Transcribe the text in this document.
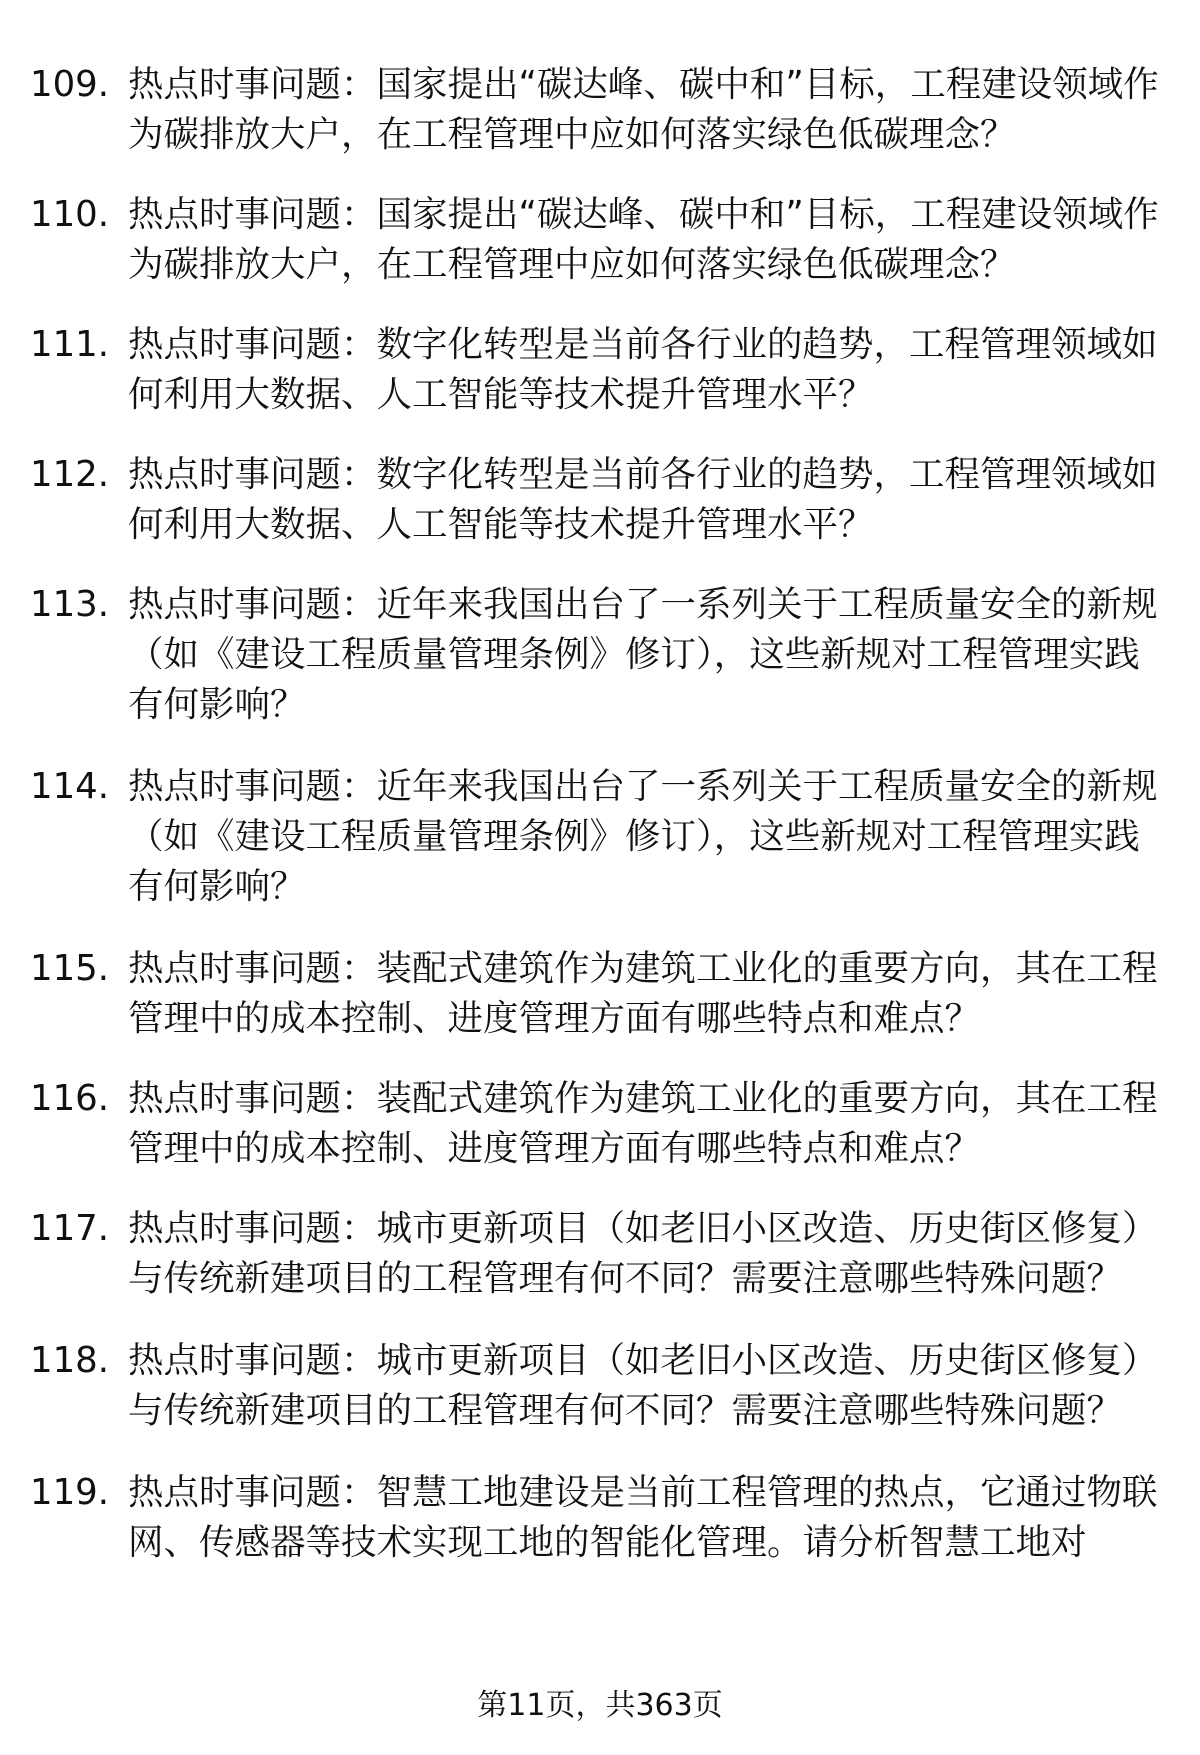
109. 热点时事问题：国家提出“碳达峰、碳中和”目标，工程建设领域作为碳排放大户，在工程管理中应如何落实绿色低碳理念？
110. 热点时事问题：国家提出“碳达峰、碳中和”目标，工程建设领域作为碳排放大户，在工程管理中应如何落实绿色低碳理念？
111. 热点时事问题：数字化转型是当前各行业的趋势，工程管理领域如何利用大数据、人工智能等技术提升管理水平？
112. 热点时事问题：数字化转型是当前各行业的趋势，工程管理领域如何利用大数据、人工智能等技术提升管理水平？
113. 热点时事问题：近年来我国出台了一系列关于工程质量安全的新规（如《建设工程质量管理条例》修订），这些新规对工程管理实践有何影响？
114. 热点时事问题：近年来我国出台了一系列关于工程质量安全的新规（如《建设工程质量管理条例》修订），这些新规对工程管理实践有何影响？
115. 热点时事问题：装配式建筑作为建筑工业化的重要方向，其在工程管理中的成本控制、进度管理方面有哪些特点和难点？
116. 热点时事问题：装配式建筑作为建筑工业化的重要方向，其在工程管理中的成本控制、进度管理方面有哪些特点和难点？
117. 热点时事问题：城市更新项目（如老旧小区改造、历史街区修复）与传统新建项目的工程管理有何不同？需要注意哪些特殊问题？
118. 热点时事问题：城市更新项目（如老旧小区改造、历史街区修复）与传统新建项目的工程管理有何不同？需要注意哪些特殊问题？
119. 热点时事问题：智慧工地建设是当前工程管理的热点，它通过物联网、传感器等技术实现工地的智能化管理。请分析智慧工地对
第11页，共363页
